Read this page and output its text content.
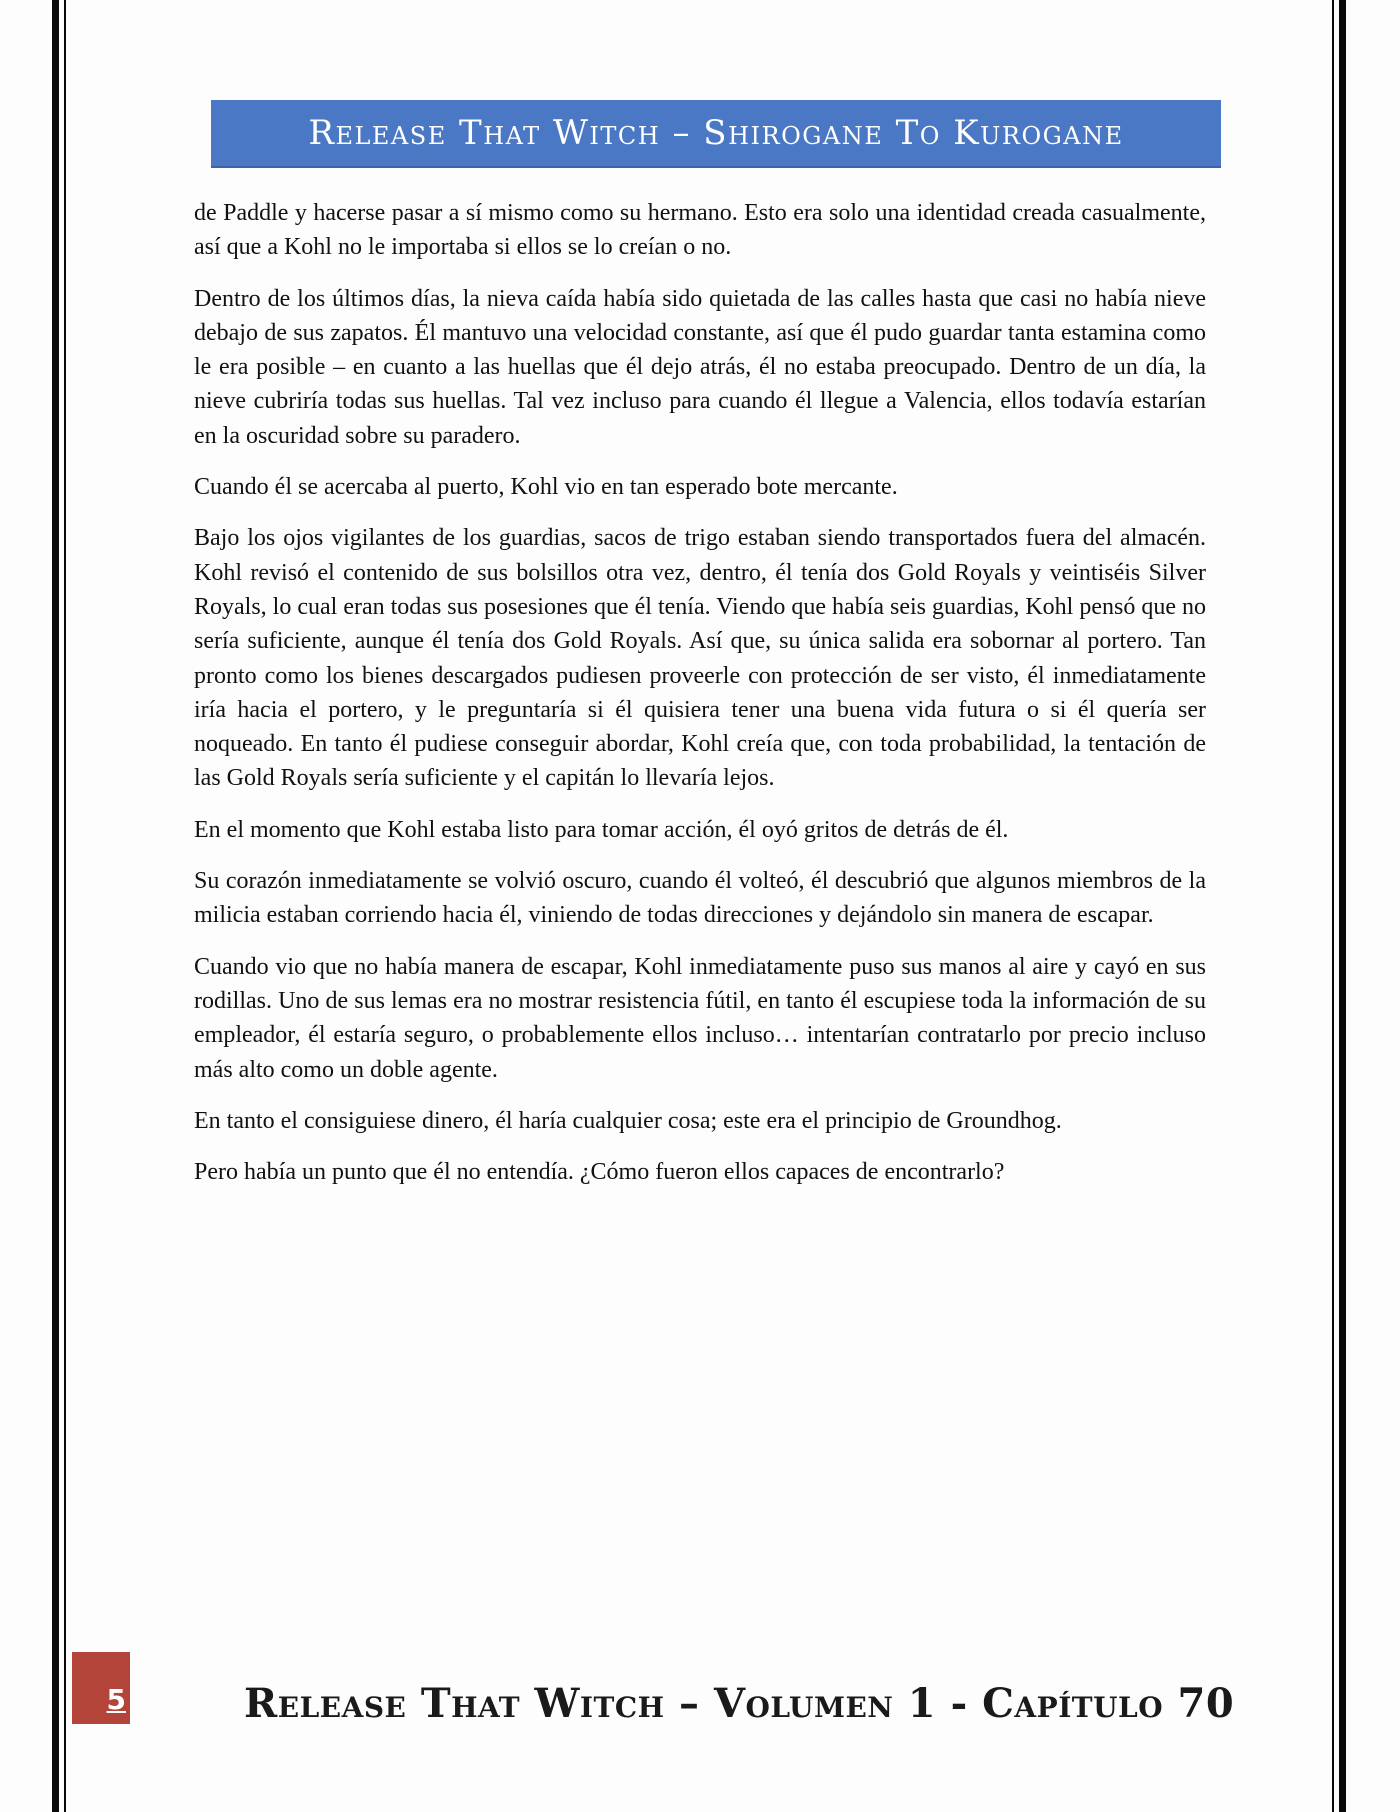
Release That Witch – Shirogane To Kurogane

de Paddle y hacerse pasar a sí mismo como su hermano. Esto era solo una identidad creada casualmente, así que a Kohl no le importaba si ellos se lo creían o no.

Dentro de los últimos días, la nieva caída había sido quietada de las calles hasta que casi no había nieve debajo de sus zapatos. Él mantuvo una velocidad constante, así que él pudo guardar tanta estamina como le era posible – en cuanto a las huellas que él dejo atrás, él no estaba preocupado. Dentro de un día, la nieve cubriría todas sus huellas. Tal vez incluso para cuando él llegue a Valencia, ellos todavía estarían en la oscuridad sobre su paradero.

Cuando él se acercaba al puerto, Kohl vio en tan esperado bote mercante.

Bajo los ojos vigilantes de los guardias, sacos de trigo estaban siendo transportados fuera del almacén. Kohl revisó el contenido de sus bolsillos otra vez, dentro, él tenía dos Gold Royals y veintiséis Silver Royals, lo cual eran todas sus posesiones que él tenía. Viendo que había seis guardias, Kohl pensó que no sería suficiente, aunque él tenía dos Gold Royals. Así que, su única salida era sobornar al portero. Tan pronto como los bienes descargados pudiesen proveerle con protección de ser visto, él inmediatamente iría hacia el portero, y le preguntaría si él quisiera tener una buena vida futura o si él quería ser noqueado. En tanto él pudiese conseguir abordar, Kohl creía que, con toda probabilidad, la tentación de las Gold Royals sería suficiente y el capitán lo llevaría lejos.

En el momento que Kohl estaba listo para tomar acción, él oyó gritos de detrás de él.

Su corazón inmediatamente se volvió oscuro, cuando él volteó, él descubrió que algunos miembros de la milicia estaban corriendo hacia él, viniendo de todas direcciones y dejándolo sin manera de escapar.

Cuando vio que no había manera de escapar, Kohl inmediatamente puso sus manos al aire y cayó en sus rodillas. Uno de sus lemas era no mostrar resistencia fútil, en tanto él escupiese toda la información de su empleador, él estaría seguro, o probablemente ellos incluso… intentarían contratarlo por precio incluso más alto como un doble agente.

En tanto el consiguiese dinero, él haría cualquier cosa; este era el principio de Groundhog.

Pero había un punto que él no entendía. ¿Cómo fueron ellos capaces de encontrarlo?

5	Release That Witch – Volumen 1 - Capítulo 70
